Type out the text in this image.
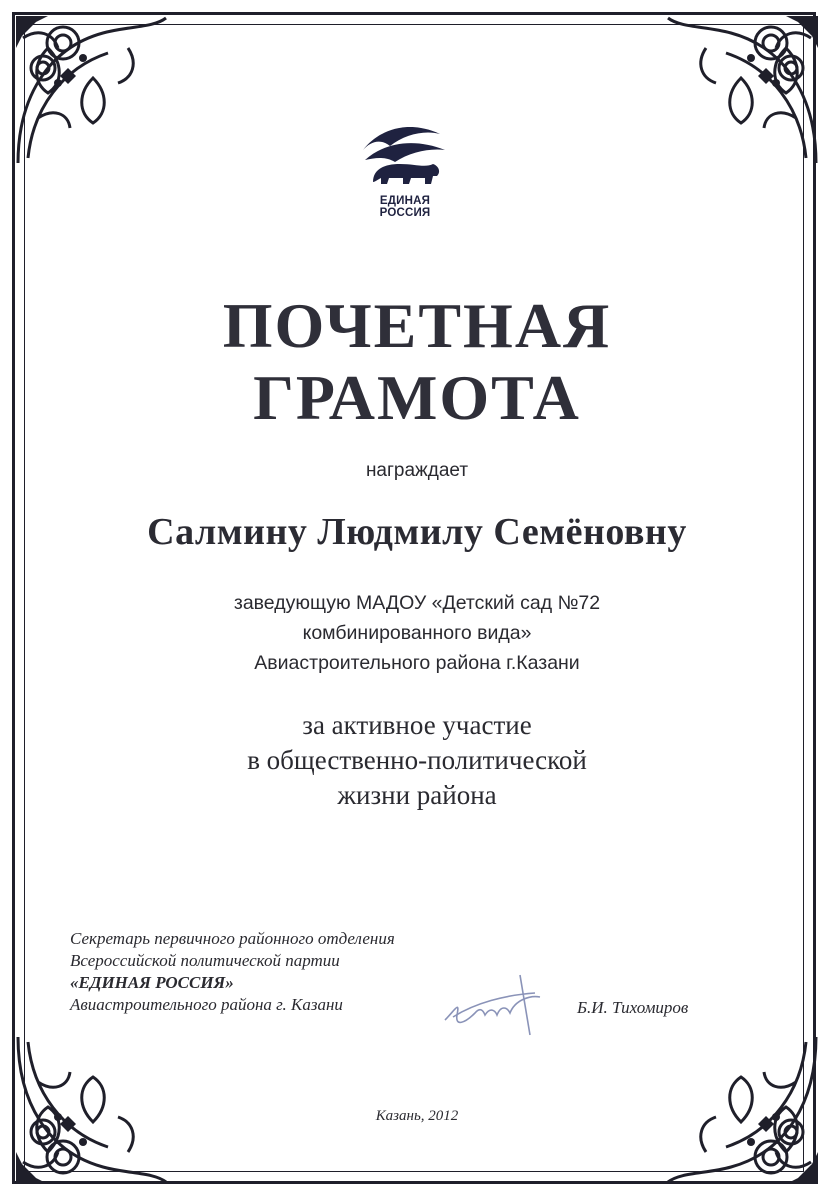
ЕДИНАЯ
РОССИЯ
ПОЧЕТНАЯ
ГРАМОТА
награждает
Салмину Людмилу Семёновну
заведующую МАДОУ «Детский сад №72
комбинированного вида»
Авиастроительного района г.Казани
за активное участие
в общественно-политической
жизни района
Секретарь первичного районного отделения
Всероссийской политической партии
«ЕДИНАЯ РОССИЯ»
Авиастроительного района г. Казани	Б.И. Тихомиров
Казань, 2012
